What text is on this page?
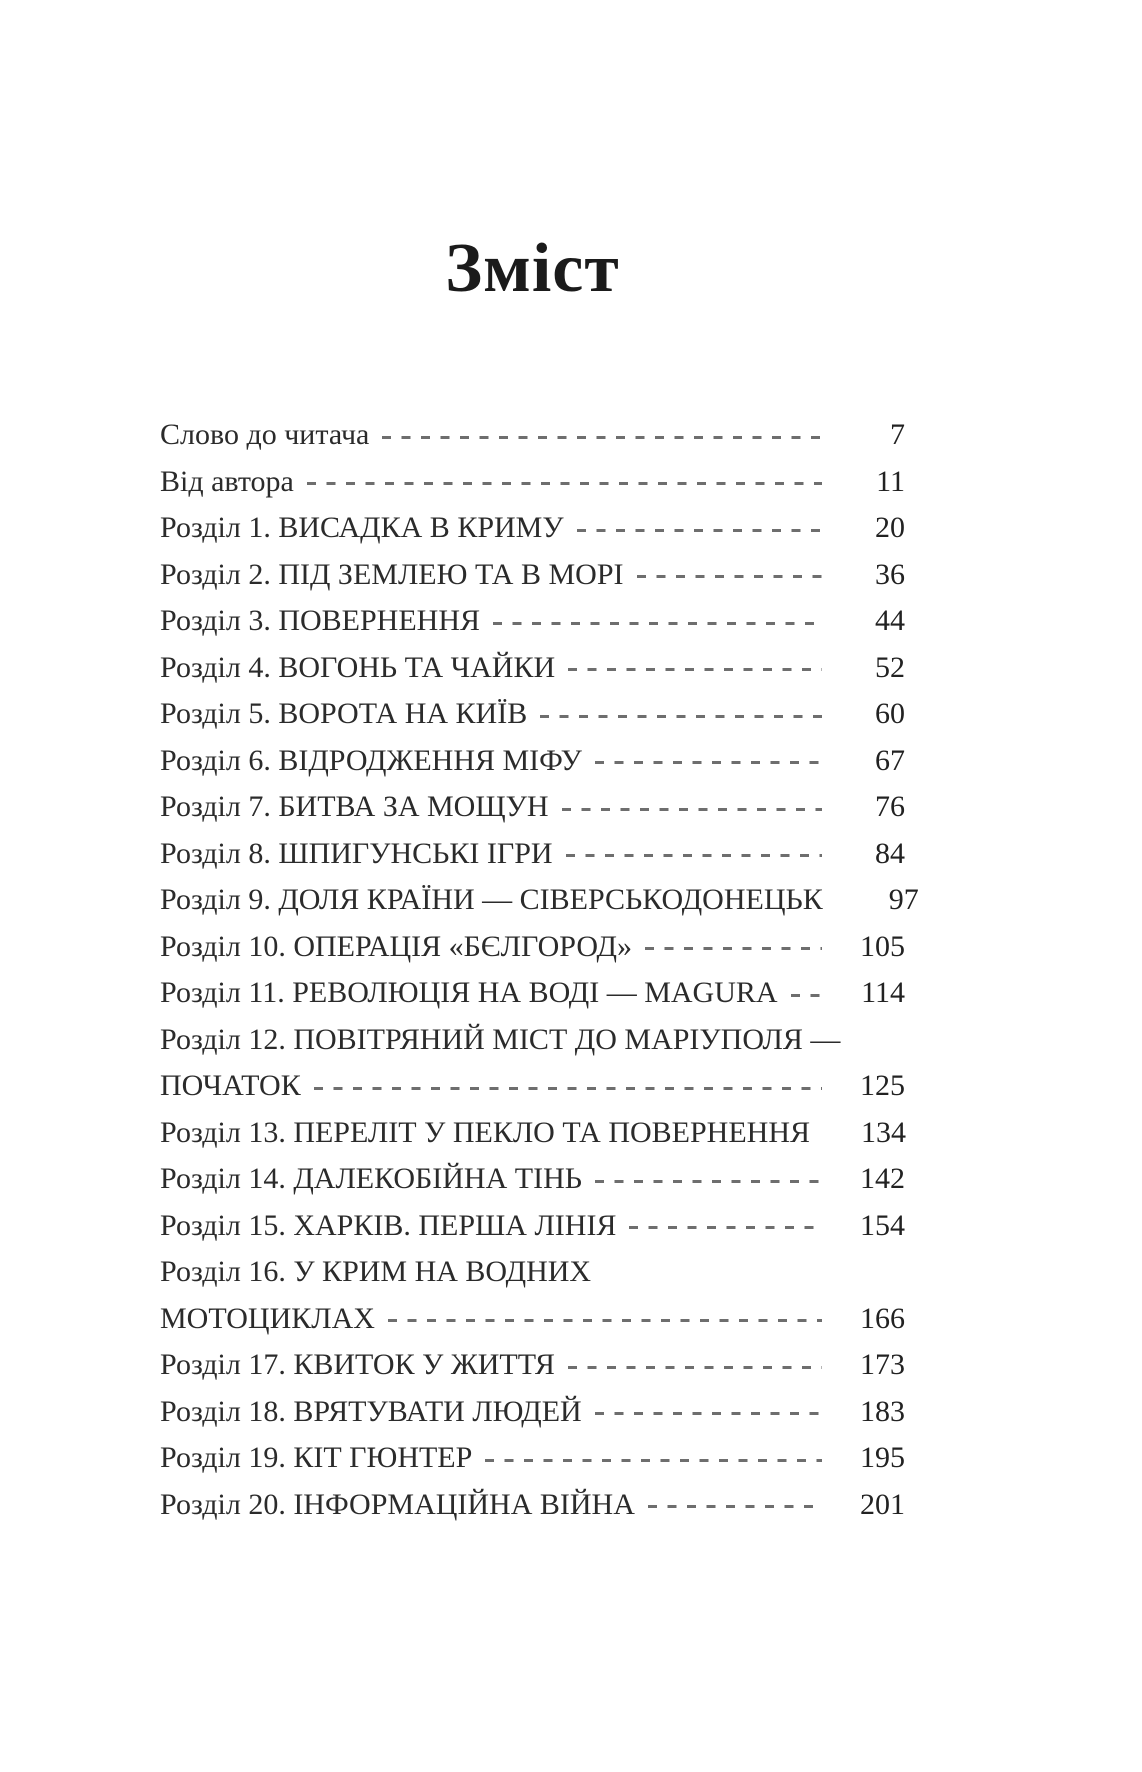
Зміст
Слово до читача	7
Від автора	11
Розділ 1. ВИСАДКА В КРИМУ	20
Розділ 2. ПІД ЗЕМЛЕЮ ТА В МОРІ	36
Розділ 3. ПОВЕРНЕННЯ	44
Розділ 4. ВОГОНЬ ТА ЧАЙКИ	52
Розділ 5. ВОРОТА НА КИЇВ	60
Розділ 6. ВІДРОДЖЕННЯ МІФУ	67
Розділ 7. БИТВА ЗА МОЩУН	76
Розділ 8. ШПИГУНСЬКІ ІГРИ	84
Розділ 9. ДОЛЯ КРАЇНИ — СІВЕРСЬКОДОНЕЦЬК	97
Розділ 10. ОПЕРАЦІЯ «БЄЛГОРОД»	105
Розділ 11. РЕВОЛЮЦІЯ НА ВОДІ — MAGURA	114
Розділ 12. ПОВІТРЯНИЙ МІСТ ДО МАРІУПОЛЯ —
ПОЧАТОК	125
Розділ 13. ПЕРЕЛІТ У ПЕКЛО ТА ПОВЕРНЕННЯ	134
Розділ 14. ДАЛЕКОБІЙНА ТІНЬ	142
Розділ 15. ХАРКІВ. ПЕРША ЛІНІЯ	154
Розділ 16. У КРИМ НА ВОДНИХ
МОТОЦИКЛАХ	166
Розділ 17. КВИТОК У ЖИТТЯ	173
Розділ 18. ВРЯТУВАТИ ЛЮДЕЙ	183
Розділ 19. КІТ ГЮНТЕР	195
Розділ 20. ІНФОРМАЦІЙНА ВІЙНА	201
